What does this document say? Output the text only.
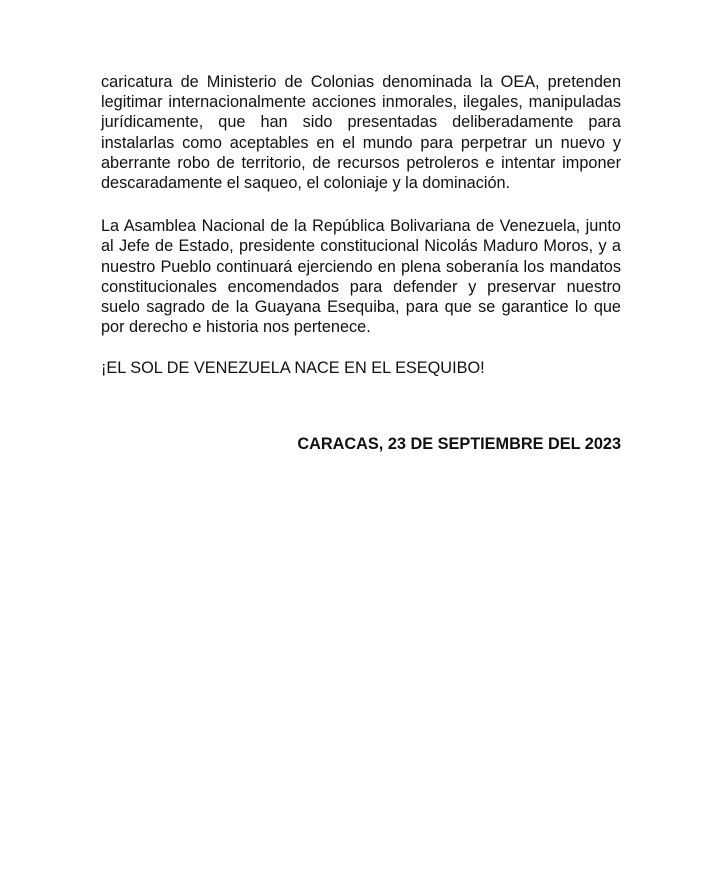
caricatura de Ministerio de Colonias denominada la OEA, pretenden legitimar internacionalmente acciones inmorales, ilegales, manipuladas jurídicamente, que han sido presentadas deliberadamente para instalarlas como aceptables en el mundo para perpetrar un nuevo y aberrante robo de territorio, de recursos petroleros e intentar imponer descaradamente el saqueo, el coloniaje y la dominación.

La Asamblea Nacional de la República Bolivariana de Venezuela, junto al Jefe de Estado, presidente constitucional Nicolás Maduro Moros, y a nuestro Pueblo continuará ejerciendo en plena soberanía los mandatos constitucionales encomendados para defender y preservar nuestro suelo sagrado de la Guayana Esequiba, para que se garantice lo que por derecho e historia nos pertenece.

¡EL SOL DE VENEZUELA NACE EN EL ESEQUIBO!

CARACAS, 23 DE SEPTIEMBRE DEL 2023
